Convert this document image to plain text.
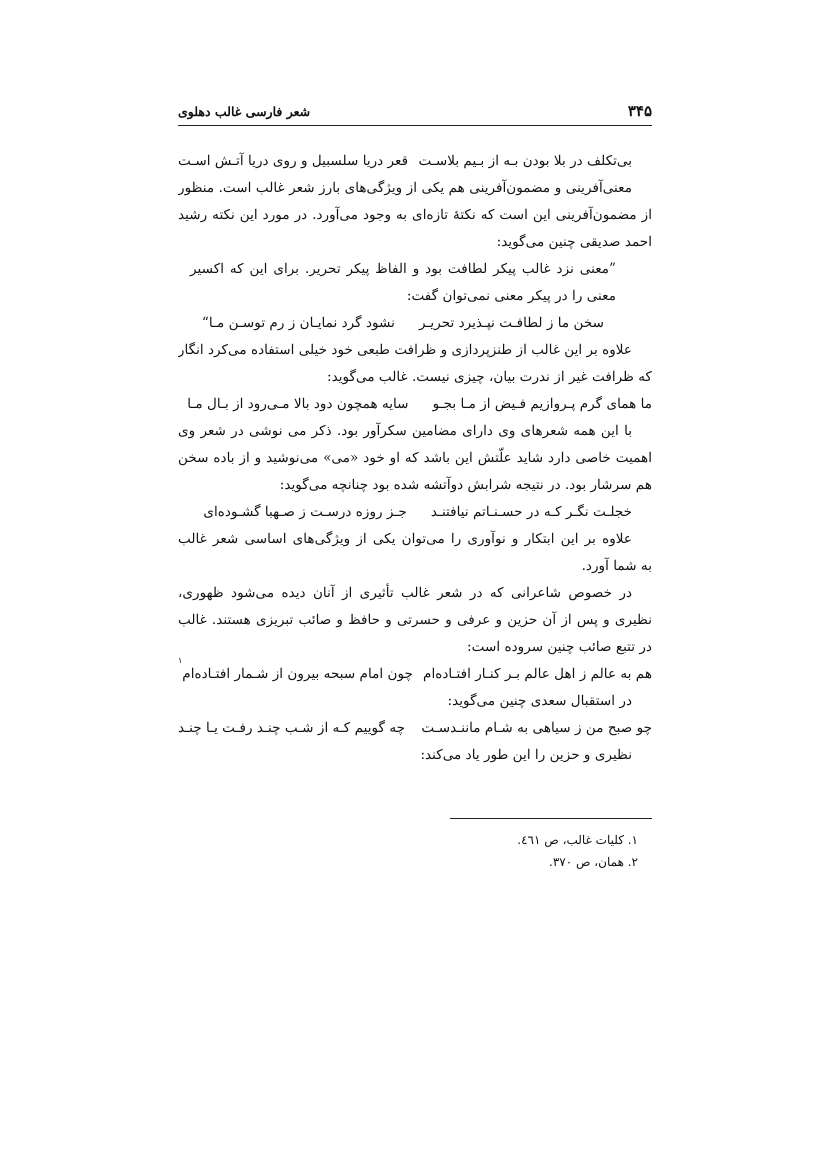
۳۴۵
شعر فارسی غالب دهلوی
بی‌تکلف در بلا بودن بـه از بـیم بلاسـت
قعر دریا سلسبیل و روی دریا آتـش اسـت
معنی‌آفرینی و مضمون‌آفرینی هم یکی از ویژگی‌های بارز شعر غالب است. منظور
از مضمون‌آفرینی این است که نکتهٔ تازه‌ای به وجود می‌آورد. در مورد این نکته رشید
احمد صدیقی چنین می‌گوید:
”معنی نزد غالب پیکر لطافت بود و الفاظ پیکر تحریر. برای این که اکسیر
معنی را در پیکر معنی نمی‌توان گفت:
سخن ما ز لطافـت نپـذیرد تحریـر
نشود گرد نمایـان ز رم توسـن مـا“
علاوه بر این غالب از طنزپردازی و ظرافت طبعی خود خیلی استفاده می‌کرد انگار
که ظرافت غیر از ندرت بیان، چیزی نیست. غالب می‌گوید:
ما همای گرم پـروازیم فـیض از مـا بجـو
سایه همچون دود بالا مـی‌رود از بـال مـا
با این همه شعرهای وی دارای مضامین سکرآور بود. ذکر می نوشی در شعر وی
اهمیت خاصی دارد شاید علّتش این باشد که او خود «می» می‌نوشید و از باده سخن
هم سرشار بود. در نتیجه شرابش دوآتشه شده بود چنانچه می‌گوید:
خجلـت نگـر کـه در حسـنـاتم نیافتنـد
جـز روزه درسـت ز صـهبا گشـوده‌ای
علاوه بر این ابتکار و نوآوری را می‌توان یکی از ویژگی‌های اساسی شعر غالب
به شما آورد.
در خصوص شاعرانی که در شعر غالب تأثیری از آنان دیده می‌شود ظهوری،
نظیری و پس از آن حزین و عرفی و حسرتی و حافظ و صائب تبریزی هستند. غالب
در تتبع صائب چنین سروده است:
هم به عالم ز اهل عالم بـر کنـار افتـاده‌ام
چون امام سبحه بیرون از شـمار افتـاده‌ام
۱
در استقبال سعدی چنین می‌گوید:
چو صبح من ز سیاهی به شـام ماننـدسـت
چه گوییم کـه از شـب چنـد رفـت یـا چنـد
نظیری و حزین را این طور یاد می‌کند:
۱. کلیات غالب، ص ٤٦١.
۲. همان، ص ۳۷۰.
